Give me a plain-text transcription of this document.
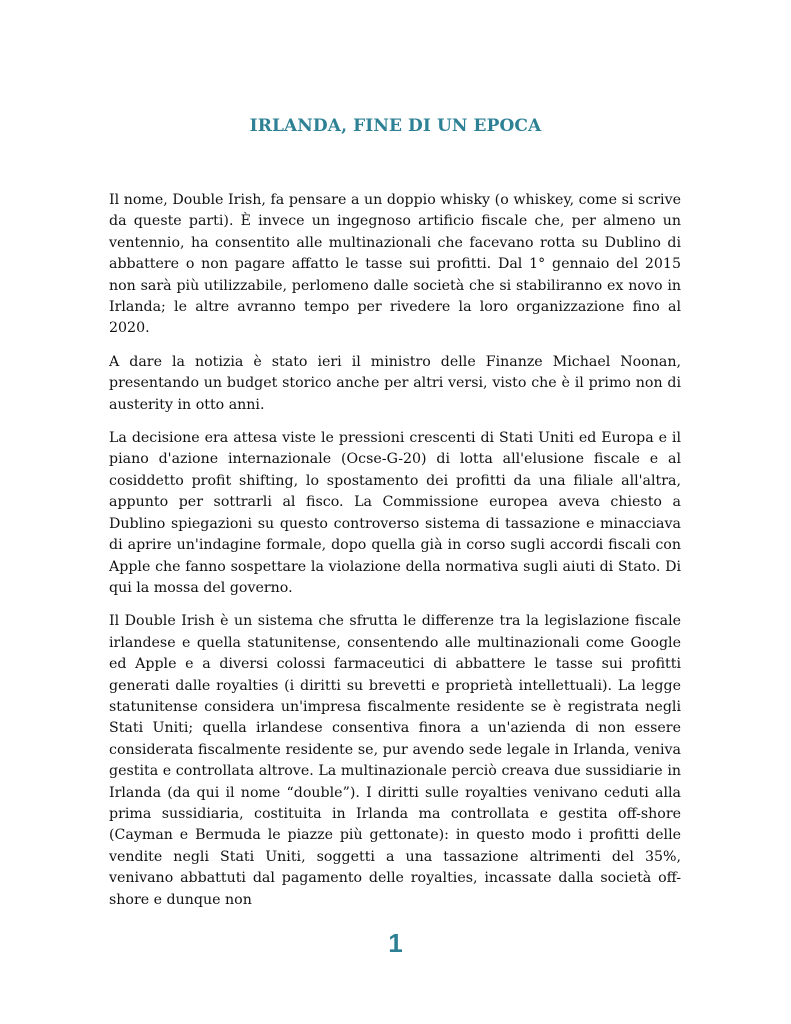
IRLANDA, FINE DI UN EPOCA

Il nome, Double Irish, fa pensare a un doppio whisky (o whiskey, come si scrive da queste parti). È invece un ingegnoso artificio fiscale che, per almeno un ventennio, ha consentito alle multinazionali che facevano rotta su Dublino di abbattere o non pagare affatto le tasse sui profitti. Dal 1° gennaio del 2015 non sarà più utilizzabile, perlomeno dalle società che si stabiliranno ex novo in Irlanda; le altre avranno tempo per rivedere la loro organizzazione fino al 2020.

A dare la notizia è stato ieri il ministro delle Finanze Michael Noonan, presentando un budget storico anche per altri versi, visto che è il primo non di austerity in otto anni.

La decisione era attesa viste le pressioni crescenti di Stati Uniti ed Europa e il piano d'azione internazionale (Ocse-G-20) di lotta all'elusione fiscale e al cosiddetto profit shifting, lo spostamento dei profitti da una filiale all'altra, appunto per sottrarli al fisco. La Commissione europea aveva chiesto a Dublino spiegazioni su questo controverso sistema di tassazione e minacciava di aprire un'indagine formale, dopo quella già in corso sugli accordi fiscali con Apple che fanno sospettare la violazione della normativa sugli aiuti di Stato. Di qui la mossa del governo.

Il Double Irish è un sistema che sfrutta le differenze tra la legislazione fiscale irlandese e quella statunitense, consentendo alle multinazionali come Google ed Apple e a diversi colossi farmaceutici di abbattere le tasse sui profitti generati dalle royalties (i diritti su brevetti e proprietà intellettuali). La legge statunitense considera un'impresa fiscalmente residente se è registrata negli Stati Uniti; quella irlandese consentiva finora a un'azienda di non essere considerata fiscalmente residente se, pur avendo sede legale in Irlanda, veniva gestita e controllata altrove. La multinazionale perciò creava due sussidiarie in Irlanda (da qui il nome “double”). I diritti sulle royalties venivano ceduti alla prima sussidiaria, costituita in Irlanda ma controllata e gestita off-shore (Cayman e Bermuda le piazze più gettonate): in questo modo i profitti delle vendite negli Stati Uniti, soggetti a una tassazione altrimenti del 35%, venivano abbattuti dal pagamento delle royalties, incassate dalla società off-shore e dunque non

1
